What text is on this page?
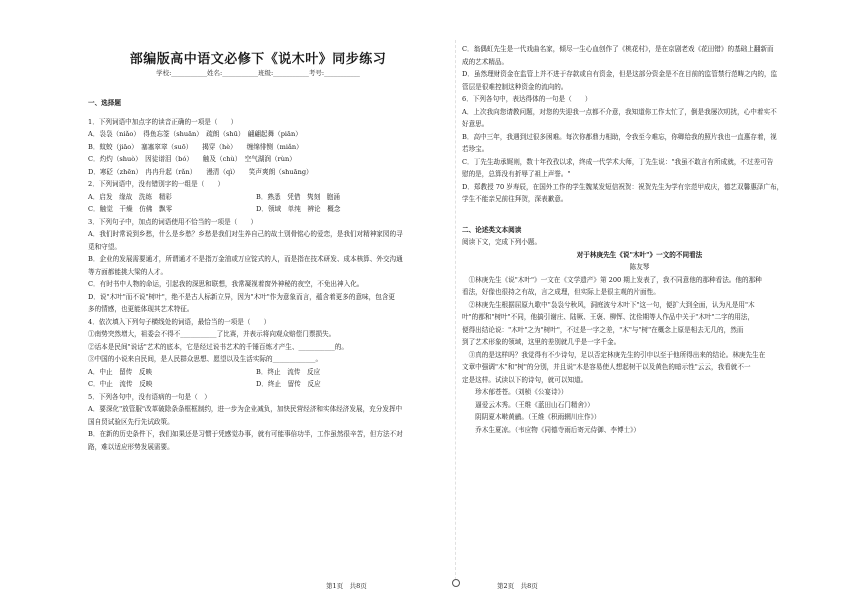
部编版高中语文必修下《说木叶》同步练习
学校:___________姓名:___________班级:___________考号:___________
一、选择题
1．下列词语中加点字的读音正确的一项是（　　）
A．袅袅（niǎo）　得鱼忘筌（shuān）　疏朗（shū）　翩翩起舞（piān）
B．蚊蛟（jiāo）　塞塞窣窣（suō）　　揭穿（hè）　　缠绵悱恻（miǎn）
C．灼灼（shuò）　因徒谱泪（bó）　　触及（chù）　空气湖润（rùn）
D．寒砭（zhēn）　冉冉升起（rǎn）　　漫清（qì）　　笑声爽朗（shuāng）
2．下列词语中，没有错别字的一组是（　　）
A．启发　缘故　洗练　精彩	B．熟悉　凭借　隽刻　胞涌
C．触觉　干燥　仿佛　飘零	D．领域　单纯　辨论　概念
3．下列句子中，加点的词语使用不恰当的一项是（　　）
A．我们时常说到乡愁，什么是乡愁？乡愁是我们对生养自己的故土别骨铭心的爱恋，是我们对精神家园的寻
觅和守望。
B．企业的发展需要通才，所谓通才不是指万金油或万应锭式的人，而是指在技术研发、成本核算、外交沟通
等方面都能挑大梁的人才。
C．有时书中人物的命运，引起我的深思和联想，我常凝视着窗外神秘的夜空，不免出神入化。
D．说"木叶"而不说"树叶"，绝不是古人标新立异，因为"木叶"作为意象而言，蕴含着更多的意味，包含更
多的情感，也更能体现其艺术特征。
4．依次填入下列句子横线处的词语，最恰当的一项是（　　）
①南势突然增大，祖委会不得不___________了比赛，并表示将向观众赔偿门票损失。
②话本是民间"说话"艺术的底本，它是经过说书艺术的千锤百炼才产生、___________的。
③中国的小说来自民间，是人民群众思想、愿望以及生活实际的_____________。
A．中止　留传　反映	B．终止　流传　反应
C．中止　流传　反映	D．终止　留传　反应
5．下列各句中，没有语病的一句是（　）
A．要深化"放管服"改革破除条条框框制约，进一步为企业减负，加快民营经济和实体经济发展，充分发挥中
国自贸试验区先行先试政策。
B．在新的历史条件下，我们如果还是习惯于凭感觉办事，就有可能事倍功半，工作虽然很辛苦，但方法不对
路，难以适应形势发展需要。
C．翁偶虹先生是一代戏曲名家，倾尽一生心血创作了《桃花村》，是在京剧老戏《花田错》的基础上翻新而
成的艺术精品。
D．虽然理财资金在监管上并不进于存款或自有资金，但是这部分资金是不在目前的监管禁行范畴之内的，监
管层是很难控制这种资金的流向的。
6．下列各句中，表达得体的一句是（　　）
A．上次我向您请教问题，对您的失迎我一点都不介意，我知道你工作太忙了，倒是我屡次叨扰，心中着实不
好意思。
B．高中三年，我遇到过很多困难。每次你都鼎力相助，令我至今难忘，你卿给我的照片我也一直惠存着，视
若珍宝。
C．丁先生劫承娓则，数十年孜孜以求，终成一代学术大师，丁先生说："我虽不敢言有所成就，不过差可告
慰的是，总算没有折辱了祖上声誉。"
D．郑教授 70 岁寿辰，在国外工作的学生魏某发短信祝贺：祝贺先生为学有宗范甲成庆，德艺双馨惠泽广布，
学生不能亲兄前往拜贺，深表歉意。
二、论述类文本阅读
阅读下文，完成下列小题。
对于林庚先生《说"木叶"》一文的不同看法
陈友琴
　①林庚先生《说"木叶"》一文在《文学遗产》第 200 期上发表了，我不同意他的那种看法。他的那种
看法，好像也很持之有故，言之成理，但实际上是很主观的片面性。
　②林庚先生根据屈原九歌中"袅袅兮秋风，洞庭波兮木叶下"这一句，便扩大到全面，认为凡是用"木
叶"的都和"树叶"不同，他搞引谢庄、陆厥、王褒、柳恽、沈佺期等人作品中关于"木叶"二字的用法，
便得出结论说："木叶"之为"树叶"，不过是一字之差，"木"与"树"在概念上原是相去无几的，然而
到了艺术形象的领域，这里的差别就几乎是一字千金。
　③真的是这样吗？我觉得有不少诗句，足以否定林庚先生的引申以至于他所得出来的结论。林庚先生在
文章中强调"木"和"树"的分别，并且说"木是容易使人想起树干以及黄色的暗示性"云云，我看就不一
定是这样。试读以下的诗句，就可以知道。
　　珍木郁苍苍。（刘桢《公宴诗》）
　　逼爱云木秀。（王维《蓝田山石门精舍》）
　　阴阴夏木啭黄鹂。（王维《积雨辋川庄作》）
　　乔木生夏凉。（韦应物《同德寺雨后寄元侍御、李博士》）
第1页　共8页	第2页　共8页
